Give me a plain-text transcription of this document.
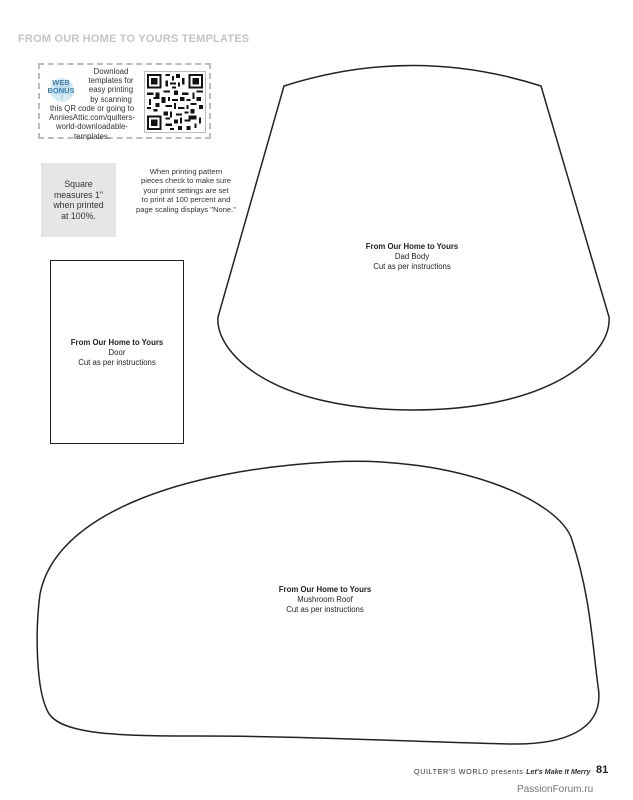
FROM OUR HOME TO YOURS TEMPLATES
WEB BONUS
Download
templates for
easy printing
by scanning
this QR code or going to
AnniesAttic.com/quilters-
world-downloadable-
templates.
Square
measures 1"
when printed
at 100%.
When printing pattern
pieces check to make sure
your print settings are set
to print at 100 percent and
page scaling displays "None."
From Our Home to Yours
Door
Cut as per instructions
From Our Home to Yours
Dad Body
Cut as per instructions
From Our Home to Yours
Mushroom Roof
Cut as per instructions
QUILTER'S WORLD presents Let's Make It Merry 81
PassionForum.ru
